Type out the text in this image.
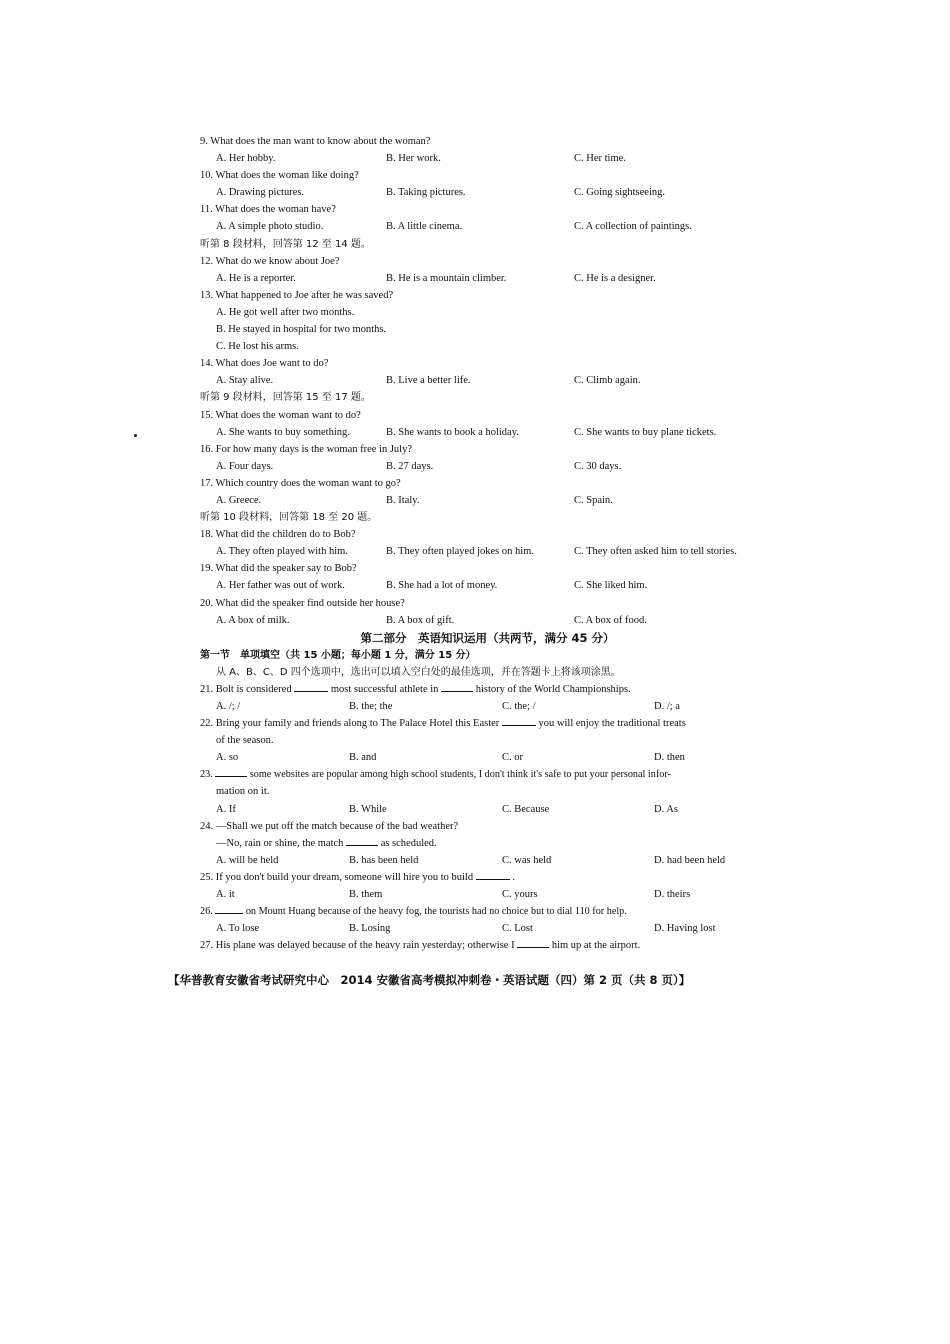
9. What does the man want to know about the woman?
A. Her hobby.	B. Her work.	C. Her time.
10. What does the woman like doing?
A. Drawing pictures.	B. Taking pictures.	C. Going sightseeing.
11. What does the woman have?
A. A simple photo studio.	B. A little cinema.	C. A collection of paintings.
听第 8 段材料，回答第 12 至 14 题。
12. What do we know about Joe?
A. He is a reporter.	B. He is a mountain climber.	C. He is a designer.
13. What happened to Joe after he was saved?
A. He got well after two months.
B. He stayed in hospital for two months.
C. He lost his arms.
14. What does Joe want to do?
A. Stay alive.	B. Live a better life.	C. Climb again.
听第 9 段材料，回答第 15 至 17 题。
15. What does the woman want to do?
A. She wants to buy something.	B. She wants to book a holiday.	C. She wants to buy plane tickets.
16. For how many days is the woman free in July?
A. Four days.	B. 27 days.	C. 30 days.
17. Which country does the woman want to go?
A. Greece.	B. Italy.	C. Spain.
听第 10 段材料，回答第 18 至 20 题。
18. What did the children do to Bob?
A. They often played with him.	B. They often played jokes on him.	C. They often asked him to tell stories.
19. What did the speaker say to Bob?
A. Her father was out of work.	B. She had a lot of money.	C. She liked him.
20. What did the speaker find outside her house?
A. A box of milk.	B. A box of gift.	C. A box of food.
第二部分　英语知识运用（共两节，满分 45 分）
第一节　单项填空（共 15 小题；每小题 1 分，满分 15 分）
从 A、B、C、D 四个选项中，选出可以填入空白处的最佳选项，并在答题卡上将该项涂黑。
21. Bolt is considered	most successful athlete in	history of the World Championships.
A. /; /	B. the; the	C. the; /	D. /; a
22. Bring your family and friends along to The Palace Hotel this Easter	you will enjoy the traditional treats
of the season.
A. so	B. and	C. or	D. then
23.	some websites are popular among high school students, I don't think it's safe to put your personal infor-
mation on it.
A. If	B. While	C. Because	D. As
24. —Shall we put off the match because of the bad weather?
—No, rain or shine, the match	as scheduled.
A. will be held	B. has been held	C. was held	D. had been held
25. If you don't build your dream, someone will hire you to build	.
A. it	B. them	C. yours	D. theirs
26.	on Mount Huang because of the heavy fog, the tourists had no choice but to dial 110 for help.
A. To lose	B. Losing	C. Lost	D. Having lost
27. His plane was delayed because of the heavy rain yesterday; otherwise I	him up at the airport.
【华普教育安徽省考试研究中心　2014 安徽省高考模拟冲刺卷・英语试题（四）第 2 页（共 8 页）】
